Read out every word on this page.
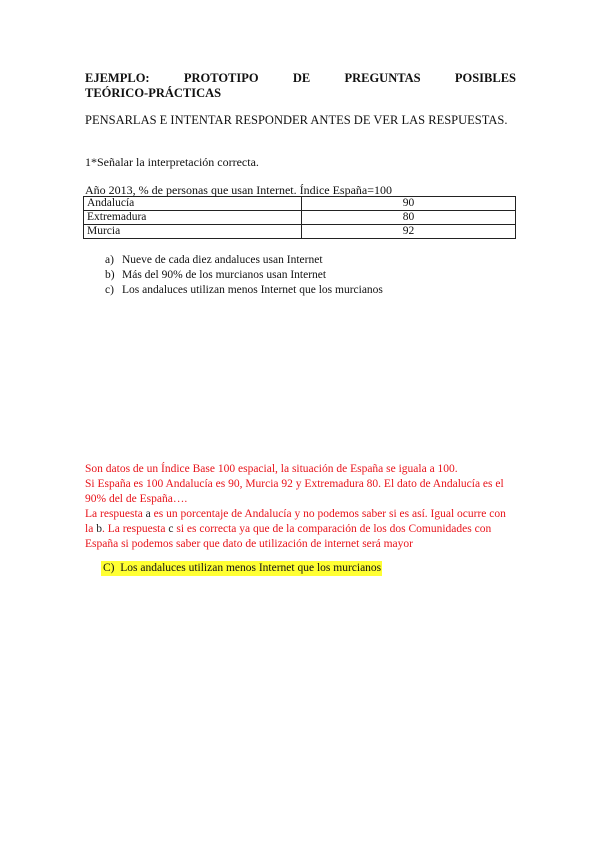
EJEMPLO:	PROTOTIPO	DE	PREGUNTAS	POSIBLES
TEÓRICO-PRÁCTICAS
PENSARLAS E INTENTAR RESPONDER ANTES DE VER LAS RESPUESTAS.
1*Señalar la interpretación correcta.
Año 2013, % de personas que usan Internet. Índice España=100
Andalucía	90
Extremadura	80
Murcia	92
a) Nueve de cada diez andaluces usan Internet
b) Más del 90% de los murcianos usan Internet
c) Los andaluces utilizan menos Internet que los murcianos

Son datos de un Índice Base 100 espacial, la situación de España se iguala a 100.

Si España es 100 Andalucía es 90, Murcia 92 y Extremadura 80. El dato de Andalucía es el 90% del de España….

La respuesta a es un porcentaje de Andalucía y no podemos saber si es así. Igual ocurre con la b. La respuesta c si es correcta ya que de la comparación de los dos Comunidades con España si podemos saber que dato de utilización de internet será mayor

C) Los andaluces utilizan menos Internet que los murcianos
